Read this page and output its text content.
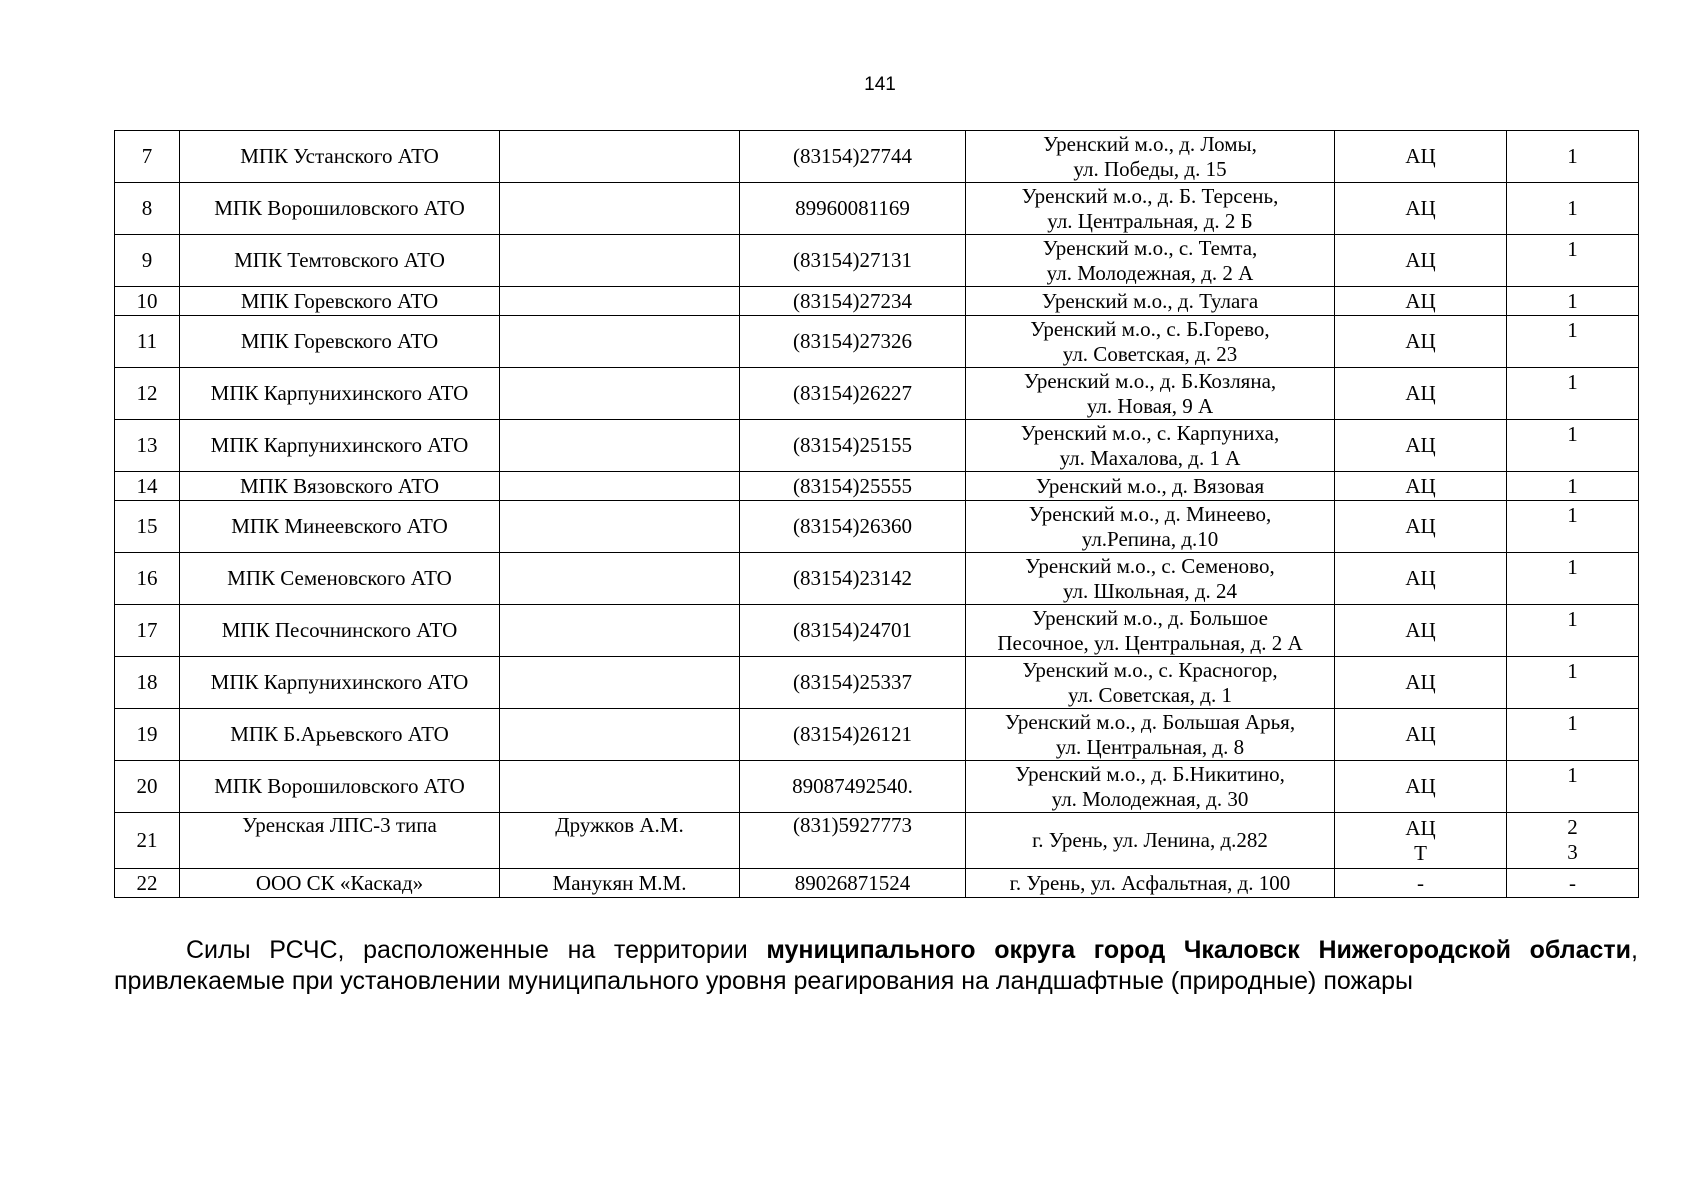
141
7	МПК Устанского АТО		(83154)27744	Уренский м.о., д. Ломы,
ул. Победы, д. 15	АЦ	1

8	МПК Ворошиловского АТО		89960081169	Уренский м.о., д. Б. Терсень,
ул. Центральная, д. 2 Б	АЦ	1

9	МПК Темтовского АТО		(83154)27131	Уренский м.о., с. Темта,
ул. Молодежная, д. 2 А	АЦ	1

10	МПК Горевского АТО		(83154)27234	Уренский м.о., д. Тулага	АЦ	1

11	МПК Горевского АТО		(83154)27326	Уренский м.о., с. Б.Горево,
ул. Советская, д. 23	АЦ	1

12	МПК Карпунихинского АТО		(83154)26227	Уренский м.о., д. Б.Козляна,
ул. Новая, 9 А	АЦ	1

13	МПК Карпунихинского АТО		(83154)25155	Уренский м.о., с. Карпуниха,
ул. Махалова, д. 1 А	АЦ	1

14	МПК Вязовского АТО		(83154)25555	Уренский м.о., д. Вязовая	АЦ	1

15	МПК Минеевского АТО		(83154)26360	Уренский м.о., д. Минеево,
ул.Репина, д.10	АЦ	1

16	МПК Семеновского АТО		(83154)23142	Уренский м.о., с. Семеново,
ул. Школьная, д. 24	АЦ	1

17	МПК Песочнинского АТО		(83154)24701	Уренский м.о., д. Большое
Песочное, ул. Центральная, д. 2 А	АЦ	1

18	МПК Карпунихинского АТО		(83154)25337	Уренский м.о., с. Красногор,
ул. Советская, д. 1	АЦ	1

19	МПК Б.Арьевского АТО		(83154)26121	Уренский м.о., д. Большая Арья,
ул. Центральная, д. 8	АЦ	1

20	МПК Ворошиловского АТО		89087492540.	Уренский м.о., д. Б.Никитино,
ул. Молодежная, д. 30	АЦ	1

21	Уренская ЛПС-3 типа	Дружков А.М.	(831)5927773	г. Урень, ул. Ленина, д.282	АЦ
Т	2
3

22	ООО СК «Каскад»	Манукян М.М.	89026871524	г. Урень, ул. Асфальтная, д. 100	-	-
Силы РСЧС, расположенные на территории муниципального округа город Чкаловск Нижегородской области,
привлекаемые при установлении муниципального уровня реагирования на ландшафтные (природные) пожары
